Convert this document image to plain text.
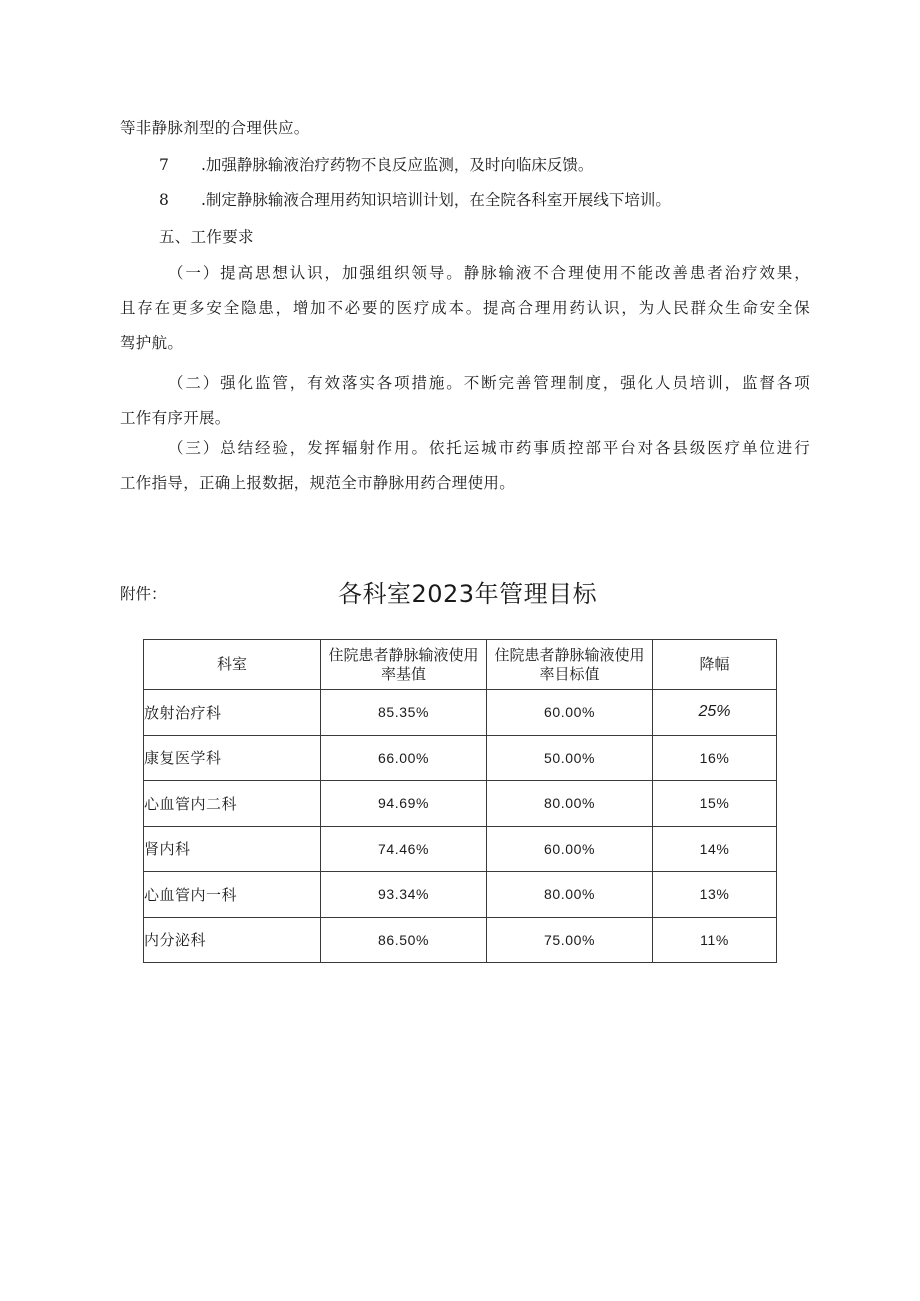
等非静脉剂型的合理供应。
7 .加强静脉输液治疗药物不良反应监测，及时向临床反馈。
8 .制定静脉输液合理用药知识培训计划，在全院各科室开展线下培训。
五、工作要求

（一）提高思想认识，加强组织领导。静脉输液不合理使用不能改善患者治疗效果，

且存在更多安全隐患，增加不必要的医疗成本。提高合理用药认识，为人民群众生命安全保

驾护航。

（二）强化监管，有效落实各项措施。不断完善管理制度，强化人员培训，监督各项

工作有序开展。

（三）总结经验，发挥辐射作用。依托运城市药事质控部平台对各县级医疗单位进行

工作指导，正确上报数据，规范全市静脉用药合理使用。

附件：	各科室2023年管理目标
科室	住院患者静脉输液使用率基值	住院患者静脉输液使用率目标值	降幅
放射治疗科	85.35%	60.00%	25%
康复医学科	66.00%	50.00%	16%
心血管内二科	94.69%	80.00%	15%
肾内科	74.46%	60.00%	14%
心血管内一科	93.34%	80.00%	13%
内分泌科	86.50%	75.00%	11%
